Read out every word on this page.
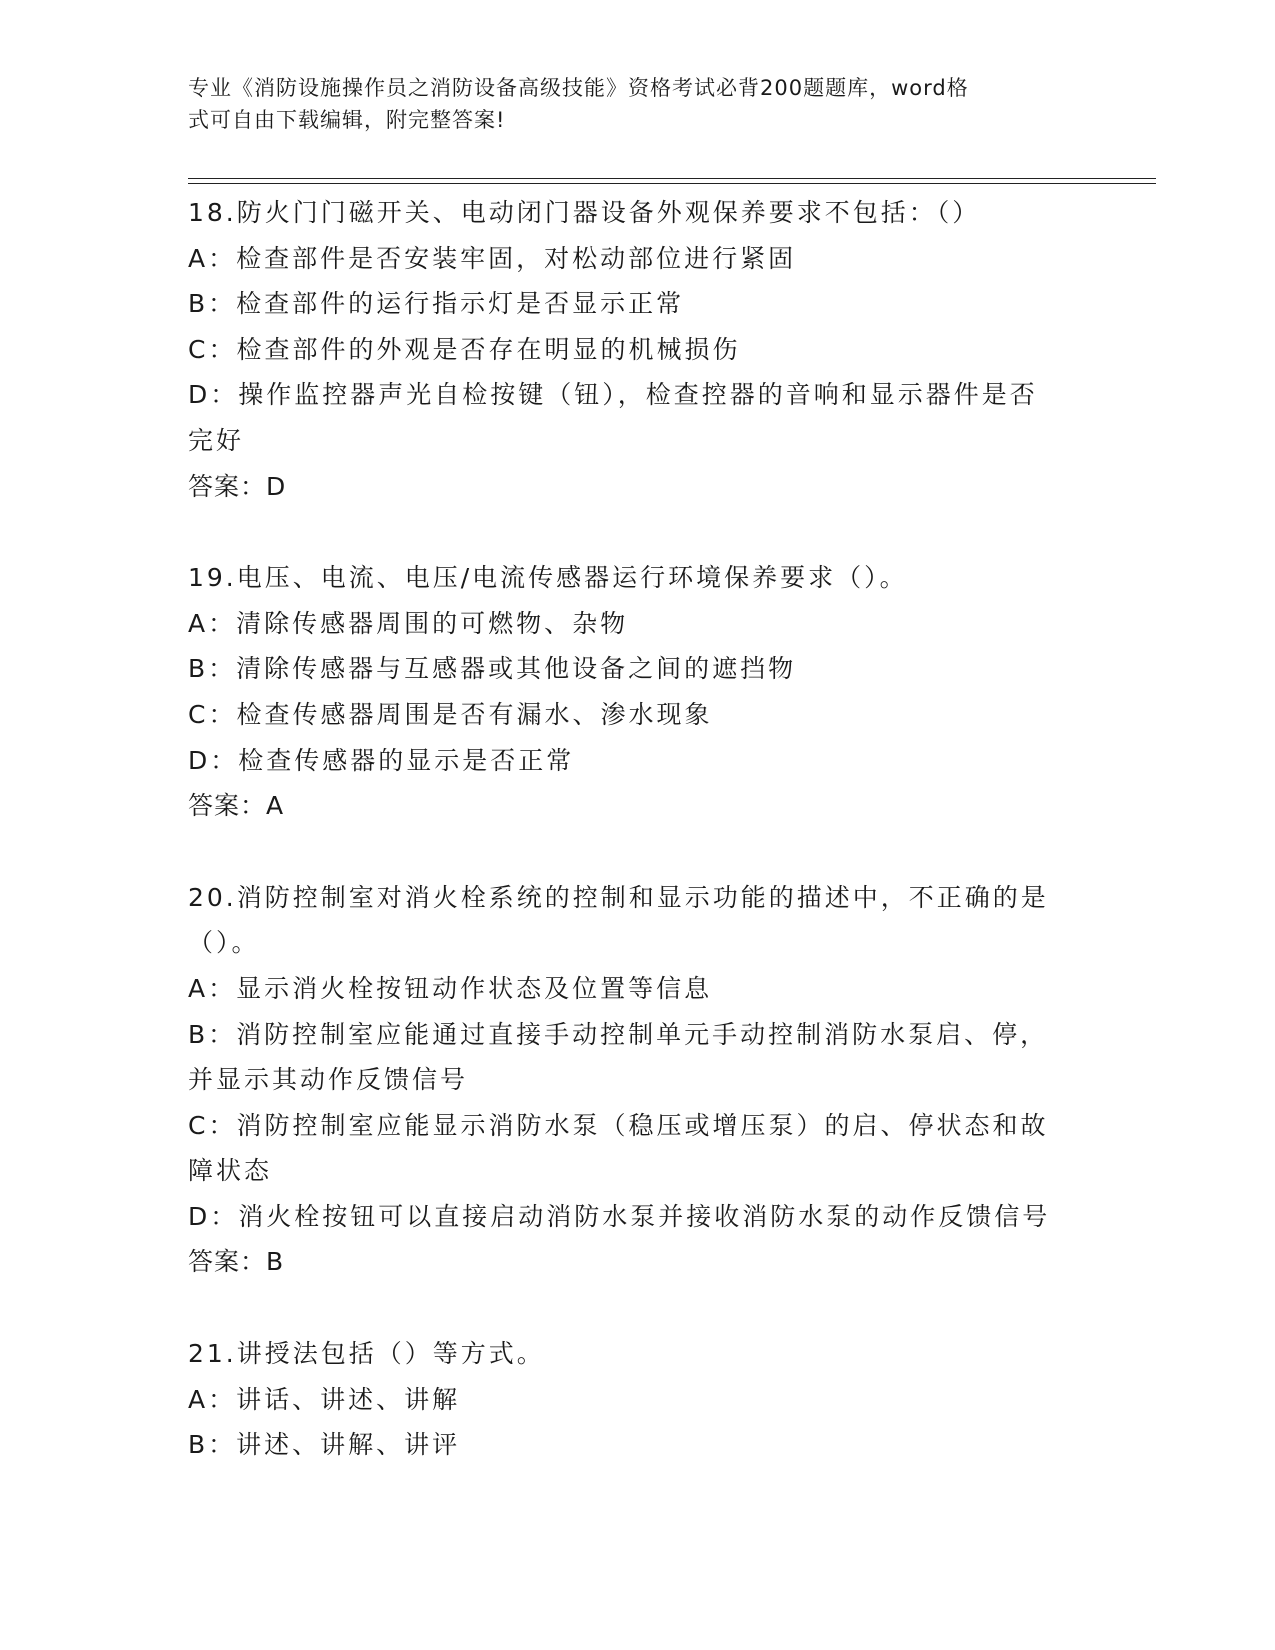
专业《消防设施操作员之消防设备高级技能》资格考试必背200题题库，word格
式可自由下载编辑，附完整答案!
18.防火门门磁开关、电动闭门器设备外观保养要求不包括：（）
A：检查部件是否安装牢固，对松动部位进行紧固
B：检查部件的运行指示灯是否显示正常
C：检查部件的外观是否存在明显的机械损伤
D：操作监控器声光自检按键（钮），检查控器的音响和显示器件是否
完好
答案：D
19.电压、电流、电压/电流传感器运行环境保养要求（）。
A：清除传感器周围的可燃物、杂物
B：清除传感器与互感器或其他设备之间的遮挡物
C：检查传感器周围是否有漏水、渗水现象
D：检查传感器的显示是否正常
答案：A
20.消防控制室对消火栓系统的控制和显示功能的描述中，不正确的是
（）。
A：显示消火栓按钮动作状态及位置等信息
B：消防控制室应能通过直接手动控制单元手动控制消防水泵启、停，
并显示其动作反馈信号
C：消防控制室应能显示消防水泵（稳压或增压泵）的启、停状态和故
障状态
D：消火栓按钮可以直接启动消防水泵并接收消防水泵的动作反馈信号
答案：B
21.讲授法包括（）等方式。
A：讲话、讲述、讲解
B：讲述、讲解、讲评
